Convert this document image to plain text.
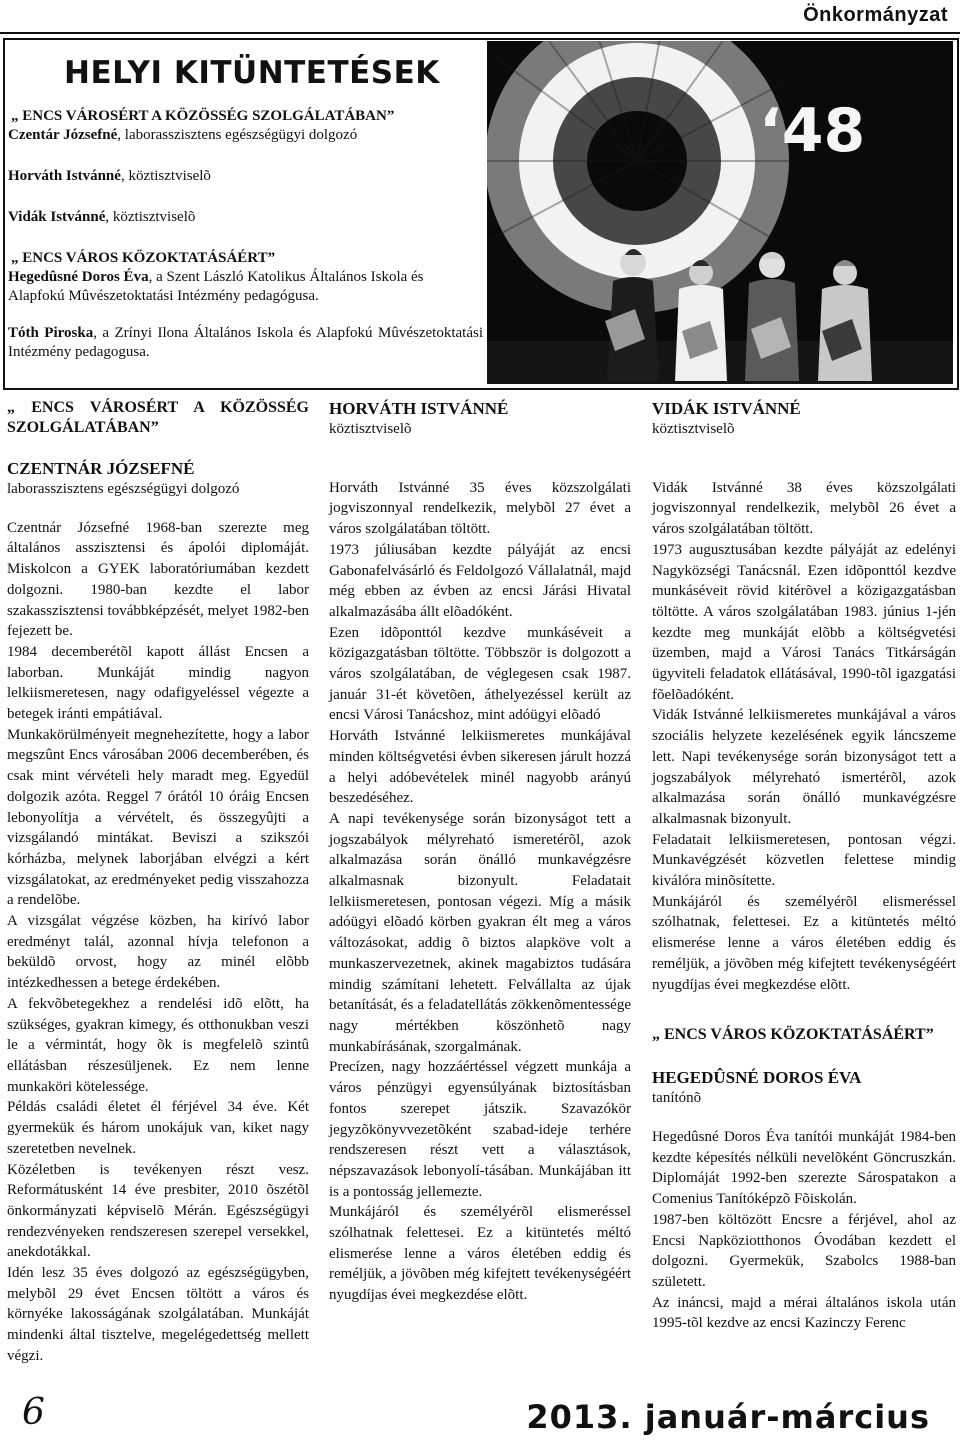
Önkormányzat
HELYI KITÜNTETÉSEK

„ ENCS VÁROSÉRT A KÖZÖSSÉG SZOLGÁLATÁBAN”

Czentár Józsefné, laborasszisztens egészségügyi dolgozó

Horváth Istvánné, köztisztviselõ

Vidák Istvánné, köztisztviselõ

„ ENCS VÁROS KÖZOKTATÁSÁÉRT”

Hegedûsné Doros Éva, a Szent László Katolikus Általános Iskola és Alapfokú Mûvészetoktatási Intézmény pedagógusa.

Tóth Piroska, a Zrínyi Ilona Általános Iskola és Alapfokú Mûvészetoktatási Intézmény pedagogusa.

‘48

„ ENCS VÁROSÉRT A KÖZÖSSÉG SZOLGÁLATÁBAN”

CZENTNÁR JÓZSEFNÉ

laborasszisztens egészségügyi dolgozó

Czentnár Józsefné 1968-ban szerezte meg általános asszisztensi és ápolói diplomáját. Miskolcon a GYEK laboratóriumában kezdett dolgozni. 1980-ban kezdte el labor szakasszisztensi továbbképzését, melyet 1982-ben fejezett be.

1984 decemberétõl kapott állást Encsen a laborban. Munkáját mindig nagyon lelkiismeretesen, nagy odafigyeléssel végezte a betegek iránti empátiával.

Munkakörülményeit megnehezítette, hogy a labor megszûnt Encs városában 2006 decemberében, és csak mint vérvételi hely maradt meg. Egyedül dolgozik azóta. Reggel 7 órától 10 óráig Encsen lebonyolítja a vérvételt, és összegyûjti a vizsgálandó mintákat. Beviszi a szikszói kórházba, melynek laborjában elvégzi a kért vizsgálatokat, az eredményeket pedig visszahozza a rendelõbe.

A vizsgálat végzése közben, ha kirívó labor eredményt talál, azonnal hívja telefonon a beküldõ orvost, hogy az minél elõbb intézkedhessen a betege érdekében.

A fekvõbetegekhez a rendelési idõ elõtt, ha szükséges, gyakran kimegy, és otthonukban veszi le a vérmintát, hogy õk is megfelelõ szintû ellátásban részesüljenek. Ez nem lenne munkaköri kötelessége.

Példás családi életet él férjével 34 éve. Két gyermekük és három unokájuk van, kiket nagy szeretetben nevelnek.

Közéletben is tevékenyen részt vesz. Reformátusként 14 éve presbiter, 2010 õszétõl önkormányzati képviselõ Mérán. Egészségügyi rendezvényeken rendszeresen szerepel versekkel, anekdotákkal.

Idén lesz 35 éves dolgozó az egészségügyben, melybõl 29 évet Encsen töltött a város és környéke lakosságának szolgálatában. Munkáját mindenki által tisztelve, megelégedettség mellett végzi.

HORVÁTH ISTVÁNNÉ

köztisztviselõ

Horváth Istvánné 35 éves közszolgálati jogviszonnyal rendelkezik, melybõl 27 évet a város szolgálatában töltött.

1973 júliusában kezdte pályáját az encsi Gabonafelvásárló és Feldolgozó Vállalatnál, majd még ebben az évben az encsi Járási Hivatal alkalmazásába állt elõadóként.

Ezen idõponttól kezdve munkáséveit a közigazgatásban töltötte. Többször is dolgozott a város szolgálatában, de véglegesen csak 1987. január 31-ét követõen, áthelyezéssel került az encsi Városi Tanácshoz, mint adóügyi elõadó

Horváth Istvánné lelkiismeretes munkájával minden költségvetési évben sikeresen járult hozzá a helyi adóbevételek minél nagyobb arányú beszedéséhez.

A napi tevékenysége során bizonyságot tett a jogszabályok mélyreható ismeretérõl, azok alkalmazása során önálló munkavégzésre alkalmasnak bizonyult. Feladatait lelkiismeretesen, pontosan végezi. Míg a másik adóügyi elõadó körben gyakran élt meg a város változásokat, addig õ biztos alapköve volt a munkaszervezetnek, akinek magabiztos tudására mindig számítani lehetett. Felvállalta az újak betanítását, és a feladatellátás zökkenõmentessége nagy mértékben köszönhetõ nagy munkabírásának, szorgalmának.

Precízen, nagy hozzáértéssel végzett munkája a város pénzügyi egyensúlyának biztosításban fontos szerepet játszik. Szavazókör jegyzõkönyvvezetõként szabad-ideje terhére rendszeresen részt vett a választások, népszavazások lebonyolí-tásában. Munkájában itt is a pontosság jellemezte.

Munkájáról és személyérõl elismeréssel szólhatnak felettesei. Ez a kitüntetés méltó elismerése lenne a város életében eddig és reméljük, a jövõben még kifejtett tevékenységéért nyugdíjas évei megkezdése elõtt.

VIDÁK ISTVÁNNÉ

köztisztviselõ

Vidák Istvánné 38 éves közszolgálati jogviszonnyal rendelkezik, melybõl 26 évet a város szolgálatában töltött.

1973 augusztusában kezdte pályáját az edelényi Nagyközségi Tanácsnál. Ezen idõponttól kezdve munkáséveit rövid kitérõvel a közigazgatásban töltötte. A város szolgálatában 1983. június 1-jén kezdte meg munkáját elõbb a költségvetési üzemben, majd a Városi Tanács Titkárságán ügyviteli feladatok ellátásával, 1990-tõl igazgatási fõelõadóként.

Vidák Istvánné lelkiismeretes munkájával a város szociális helyzete kezelésének egyik láncszeme lett. Napi tevékenysége során bizonyságot tett a jogszabályok mélyreható ismertérõl, azok alkalmazása során önálló munkavégzésre alkalmasnak bizonyult.

Feladatait lelkiismeretesen, pontosan végzi. Munkavégzését közvetlen felettese mindig kiválóra minõsítette.

Munkájáról és személyérõl elismeréssel szólhatnak, felettesei. Ez a kitüntetés méltó elismerése lenne a város életében eddig és reméljük, a jövõben még kifejtett tevékenységéért nyugdíjas évei megkezdése elõtt.

„ ENCS VÁROS KÖZOKTATÁSÁÉRT”

HEGEDÛSNÉ DOROS ÉVA

tanítónõ

Hegedûsné Doros Éva tanítói munkáját 1984-ben kezdte képesítés nélküli nevelõként Göncruszkán. Diplomáját 1992-ben szerezte Sárospatakon a Comenius Tanítóképzõ Fõiskolán.

1987-ben költözött Encsre a férjével, ahol az Encsi Napköziotthonos Óvodában kezdett el dolgozni. Gyermekük, Szabolcs 1988-ban született.

Az ináncsi, majd a mérai általános iskola után 1995-tõl kezdve az encsi Kazinczy Ferenc

6	2013. január-március
